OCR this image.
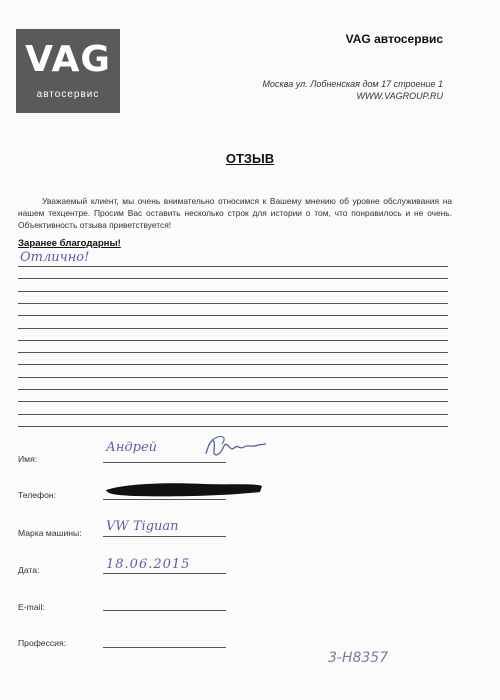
VAG
автосервис
VAG автосервис
Москва ул. Лобненская дом 17 строение 1
WWW.VAGROUP.RU
ОТЗЫВ

Уважаемый клиент, мы очень внимательно относимся к Вашему мнению об уровне обслуживания на нашем техцентре. Просим Вас оставить несколько строк для истории о том, что понравилось и не очень. Объективность отзыва приветствуется!

Заранее благодарны!
Отлично!
Имя:
Телефон:
Марка машины:
Дата:
E-mail:
Профессия:
Андрей
VW Tiguan
18.06.2015
3-Н8357
